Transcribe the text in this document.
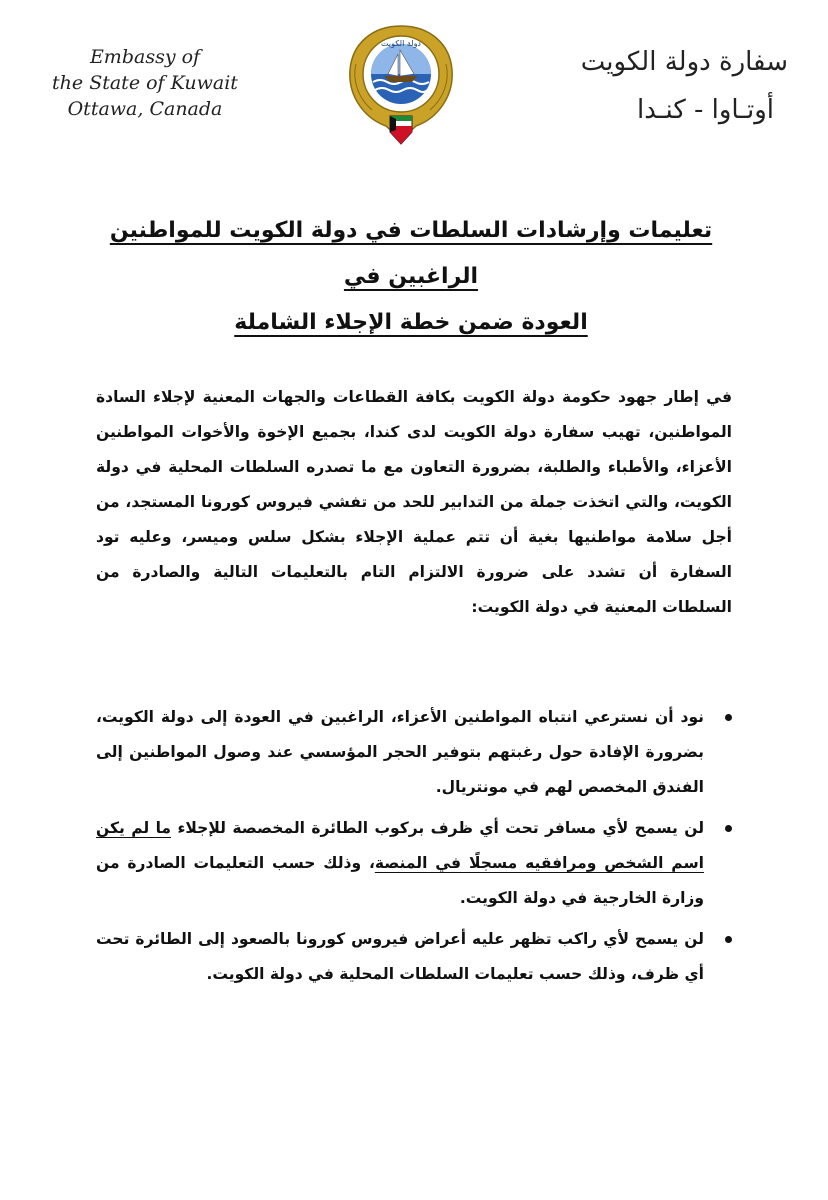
Embassy of
the State of Kuwait
Ottawa, Canada
دولة الكويت
سفارة دولة الكويت
أوتـاوا - كنـدا
تعليمات وإرشادات السلطات في دولة الكويت للمواطنين الراغبين في
العودة ضمن خطة الإجلاء الشاملة
في إطار جهود حكومة دولة الكويت بكافة القطاعات والجهات المعنية لإجلاء السادة المواطنين، تهيب سفارة دولة الكويت لدى كندا، بجميع الإخوة والأخوات المواطنين الأعزاء، والأطباء والطلبة، بضرورة التعاون مع ما تصدره السلطات المحلية في دولة الكويت، والتي اتخذت جملة من التدابير للحد من تفشي فيروس كورونا المستجد، من أجل سلامة مواطنيها بغية أن تتم عملية الإجلاء بشكل سلس وميسر، وعليه تود السفارة أن تشدد على ضرورة الالتزام التام بالتعليمات التالية والصادرة من السلطات المعنية في دولة الكويت:
نود أن نسترعي انتباه المواطنين الأعزاء، الراغبين في العودة إلى دولة الكويت، بضرورة الإفادة حول رغبتهم بتوفير الحجر المؤسسي عند وصول المواطنين إلى الفندق المخصص لهم في مونتريال.
لن يسمح لأي مسافر تحت أي ظرف بركوب الطائرة المخصصة للإجلاء ما لم يكن اسم الشخص ومرافقيه مسجلًا في المنصة، وذلك حسب التعليمات الصادرة من وزارة الخارجية في دولة الكويت.
لن يسمح لأي راكب تظهر عليه أعراض فيروس كورونا بالصعود إلى الطائرة تحت أي ظرف، وذلك حسب تعليمات السلطات المحلية في دولة الكويت.
